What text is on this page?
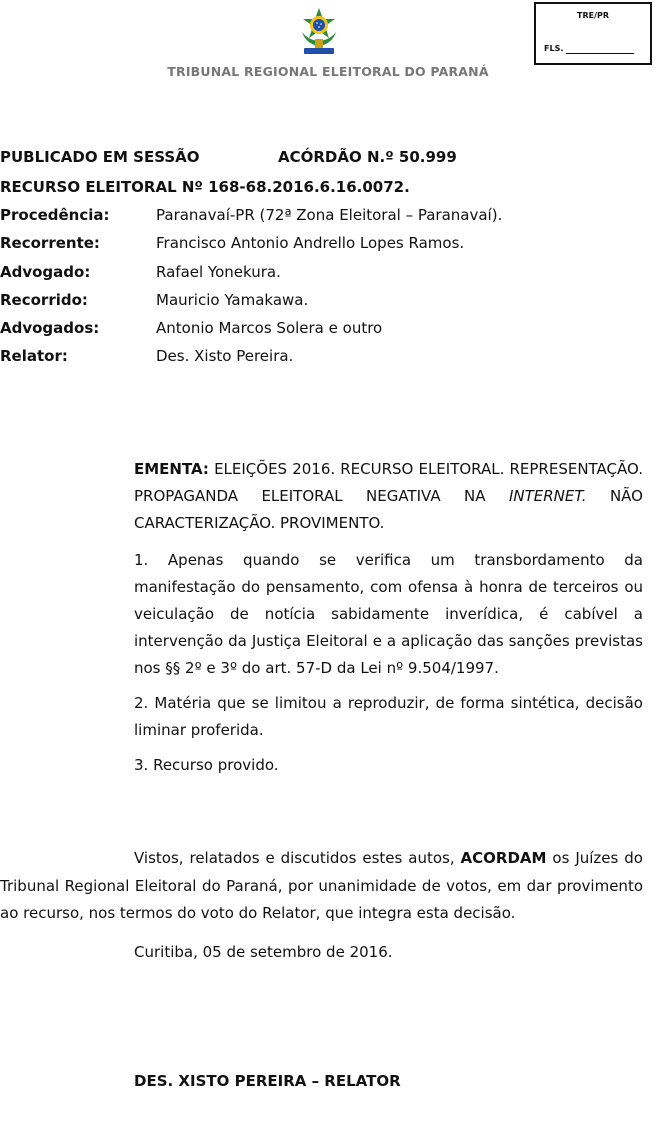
TRIBUNAL REGIONAL ELEITORAL DO PARANÁ
TRE/PR
FLS.
PUBLICADO EM SESSÃO	ACÓRDÃO N.º 50.999
RECURSO ELEITORAL Nº 168-68.2016.6.16.0072.
Procedência:	Paranavaí-PR (72ª Zona Eleitoral – Paranavaí).
Recorrente:	Francisco Antonio Andrello Lopes Ramos.
Advogado:	Rafael Yonekura.
Recorrido:	Mauricio Yamakawa.
Advogados:	Antonio Marcos Solera e outro
Relator:	Des. Xisto Pereira.

EMENTA: ELEIÇÕES 2016. RECURSO ELEITORAL. REPRESENTAÇÃO. PROPAGANDA ELEITORAL NEGATIVA NA INTERNET. NÃO CARACTERIZAÇÃO. PROVIMENTO.

1. Apenas quando se verifica um transbordamento da manifestação do pensamento, com ofensa à honra de terceiros ou veiculação de notícia sabidamente inverídica, é cabível a intervenção da Justiça Eleitoral e a aplicação das sanções previstas nos §§ 2º e 3º do art. 57-D da Lei nº 9.504/1997.

2. Matéria que se limitou a reproduzir, de forma sintética, decisão liminar proferida.

3. Recurso provido.

Vistos, relatados e discutidos estes autos, ACORDAM os Juízes do Tribunal Regional Eleitoral do Paraná, por unanimidade de votos, em dar provimento ao recurso, nos termos do voto do Relator, que integra esta decisão.

Curitiba, 05 de setembro de 2016.
DES. XISTO PEREIRA – RELATOR
